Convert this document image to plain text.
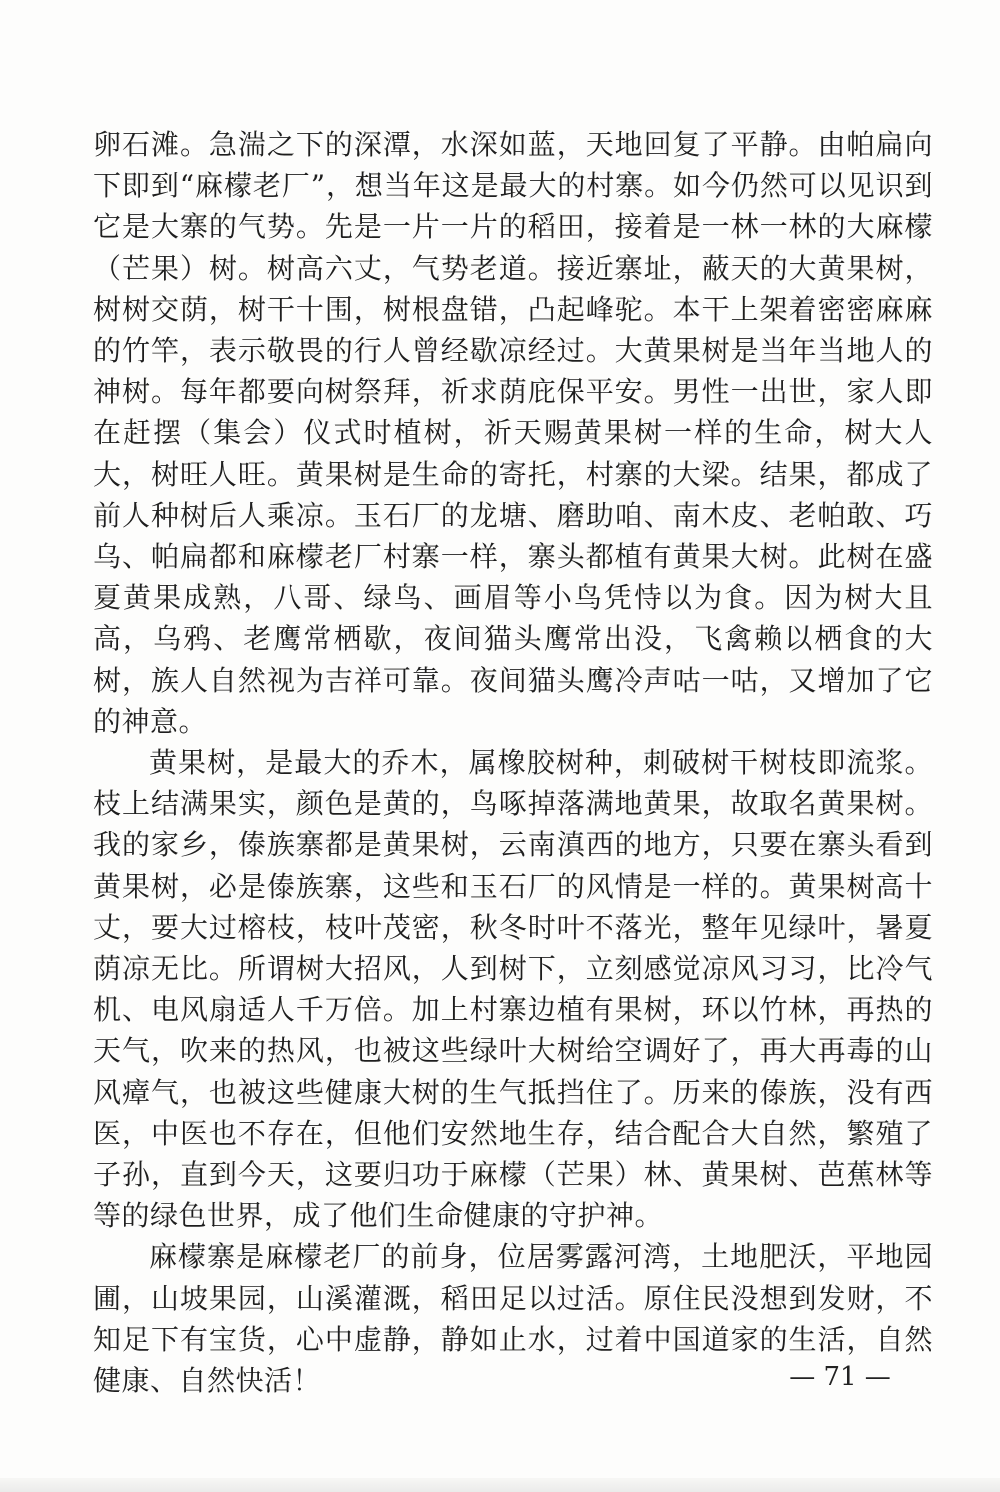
卵石滩。急湍之下的深潭，水深如蓝，天地回复了平静。由帕扁向下即到“麻檬老厂”，想当年这是最大的村寨。如今仍然可以见识到它是大寨的气势。先是一片一片的稻田，接着是一林一林的大麻檬（芒果）树。树高六丈，气势老道。接近寨址，蔽天的大黄果树，树树交荫，树干十围，树根盘错，凸起峰驼。本干上架着密密麻麻的竹竿，表示敬畏的行人曾经歇凉经过。大黄果树是当年当地人的神树。每年都要向树祭拜，祈求荫庇保平安。男性一出世，家人即在赶摆（集会）仪式时植树，祈天赐黄果树一样的生命，树大人大，树旺人旺。黄果树是生命的寄托，村寨的大梁。结果，都成了前人种树后人乘凉。玉石厂的龙塘、磨助咱、南木皮、老帕敢、巧乌、帕扁都和麻檬老厂村寨一样，寨头都植有黄果大树。此树在盛夏黄果成熟，八哥、绿鸟、画眉等小鸟凭恃以为食。因为树大且高，乌鸦、老鹰常栖歇，夜间猫头鹰常出没，飞禽赖以栖食的大树，族人自然视为吉祥可靠。夜间猫头鹰冷声咕一咕，又增加了它的神意。

黄果树，是最大的乔木，属橡胶树种，刺破树干树枝即流浆。枝上结满果实，颜色是黄的，鸟啄掉落满地黄果，故取名黄果树。我的家乡，傣族寨都是黄果树，云南滇西的地方，只要在寨头看到黄果树，必是傣族寨，这些和玉石厂的风情是一样的。黄果树高十丈，要大过榕枝，枝叶茂密，秋冬时叶不落光，整年见绿叶，暑夏荫凉无比。所谓树大招风，人到树下，立刻感觉凉风习习，比冷气机、电风扇适人千万倍。加上村寨边植有果树，环以竹林，再热的天气，吹来的热风，也被这些绿叶大树给空调好了，再大再毒的山风瘴气，也被这些健康大树的生气抵挡住了。历来的傣族，没有西医，中医也不存在，但他们安然地生存，结合配合大自然，繁殖了子孙，直到今天，这要归功于麻檬（芒果）林、黄果树、芭蕉林等等的绿色世界，成了他们生命健康的守护神。

麻檬寨是麻檬老厂的前身，位居雾露河湾，土地肥沃，平地园圃，山坡果园，山溪灌溉，稻田足以过活。原住民没想到发财，不知足下有宝货，心中虚静，静如止水，过着中国道家的生活，自然健康、自然快活！	— 71 —
